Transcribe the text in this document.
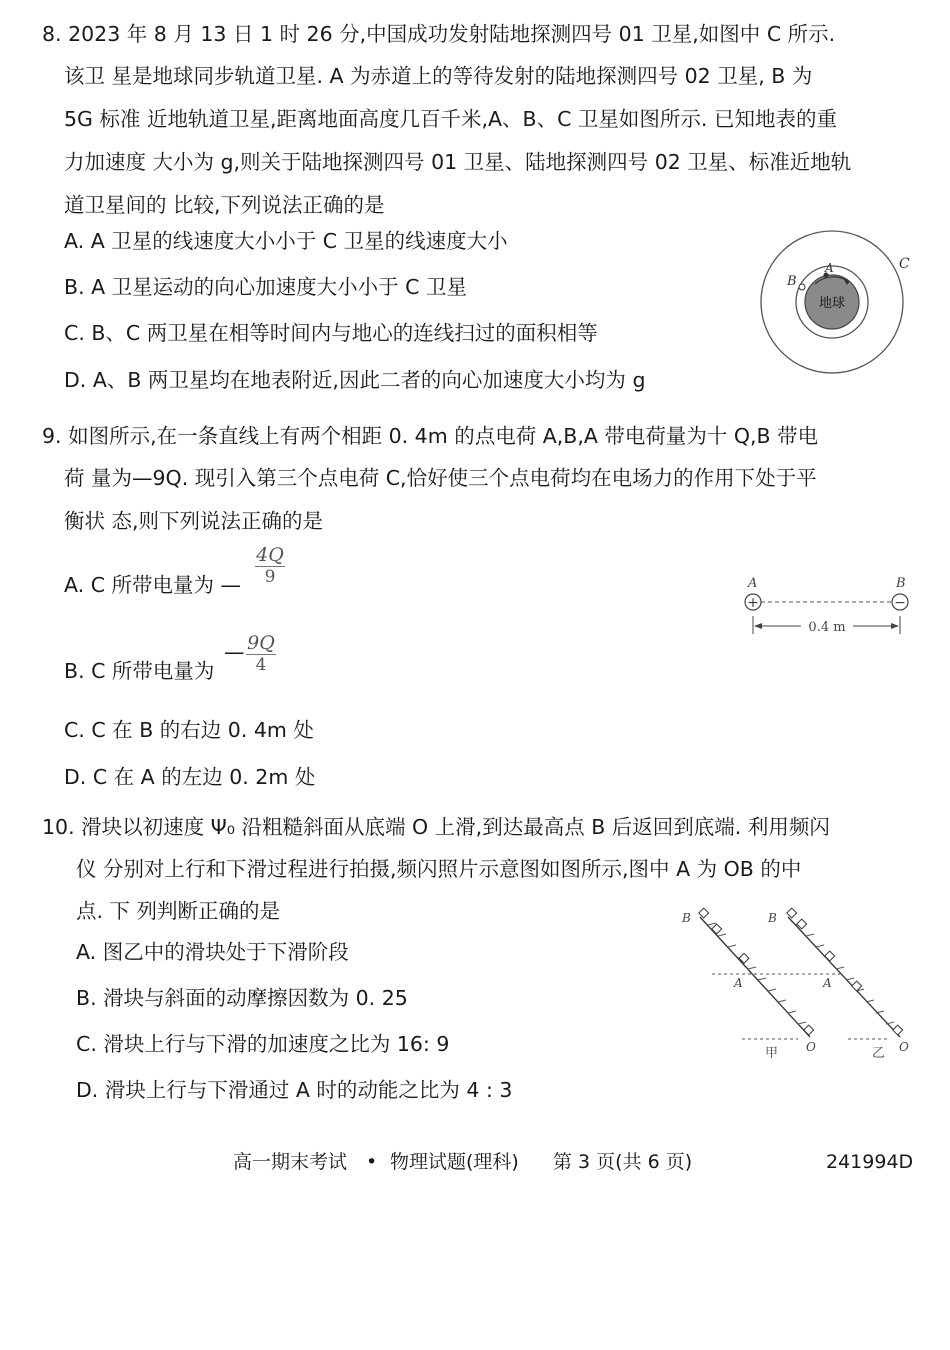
8. 2023 年 8 月 13 日 1 时 26 分,中国成功发射陆地探测四号 01 卫星,如图中 C 所示.
该卫 星是地球同步轨道卫星. A 为赤道上的等待发射的陆地探测四号 02 卫星, B 为
5G 标准 近地轨道卫星,距离地面高度几百千米,A、B、C 卫星如图所示. 已知地表的重
力加速度 大小为 g,则关于陆地探测四号 01 卫星、陆地探测四号 02 卫星、标准近地轨
道卫星间的 比较,下列说法正确的是
A. A 卫星的线速度大小小于 C 卫星的线速度大小
B. A 卫星运动的向心加速度大小小于 C 卫星
C. B、C 两卫星在相等时间内与地心的连线扫过的面积相等
D. A、B 两卫星均在地表附近,因此二者的向心加速度大小均为 g
地球
A
B
C
9. 如图所示,在一条直线上有两个相距 0. 4m 的点电荷 A,B,A 带电荷量为十 Q,B 带电
荷 量为—9Q. 现引入第三个点电荷 C,恰好使三个点电荷均在电场力的作用下处于平
衡状 态,则下列说法正确的是
A. C 所带电量为 — $\frac{4Q}{9}$
B. C 所带电量为
— $\frac{9Q}{4}$
C. C 在 B 的右边 0. 4m 处
D. C 在 A 的左边 0. 2m 处
A	B
+	−
0.4 m
10. 滑块以初速度 Ψ₀ 沿粗糙斜面从底端 O 上滑,到达最高点 B 后返回到底端. 利用频闪
仪 分别对上行和下滑过程进行拍摄,频闪照片示意图如图所示,图中 A 为 OB 的中
点. 下 列判断正确的是
A. 图乙中的滑块处于下滑阶段
B. 滑块与斜面的动摩擦因数为 0. 25
C. 滑块上行与下滑的加速度之比为 16: 9
D. 滑块上行与下滑通过 A 时的动能之比为 4 : 3
B
A
O
甲
B
A
O
乙
高一期末考试 • 物理试题(理科) 第 3 页(共 6 页)	241994D
